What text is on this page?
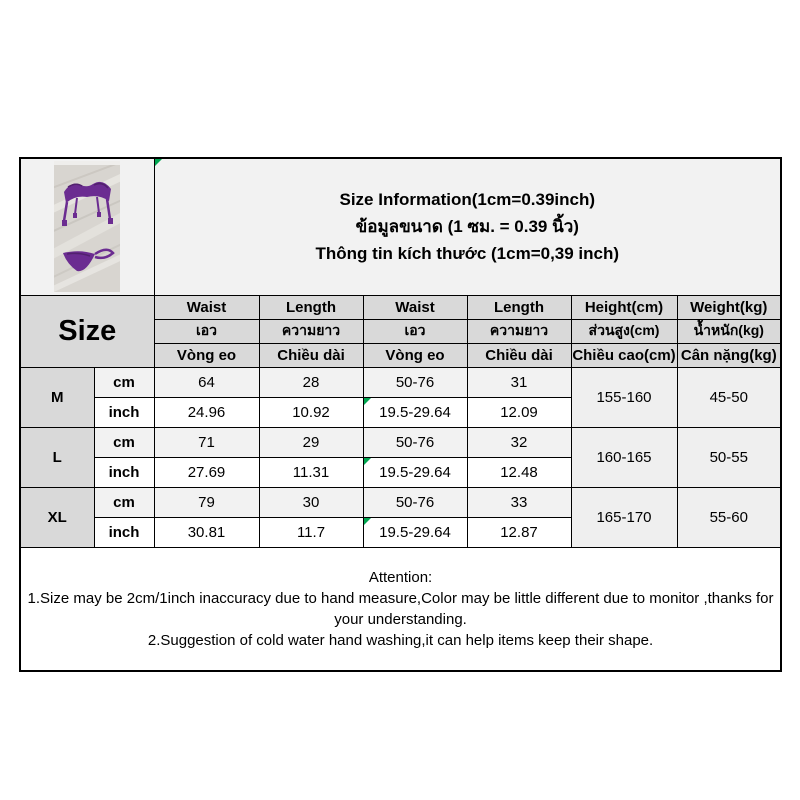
Size Information(1cm=0.39inch)
ข้อมูลขนาด (1 ซม. = 0.39 นิ้ว)
Thông tin kích thước (1cm=0,39 inch)					

Size		Waist	Length	Waist	Length	Height(cm)	Weight(kg)
		เอว	ความยาว	เอว	ความยาว	ส่วนสูง(cm)	น้ำหนัก(kg)
		Vòng eo	Chiều dài	Vòng eo	Chiều dài	Chiều cao(cm)	Cân nặng(kg)
M	cm	64	28	50-76	31	155-160	45-50
	inch	24.96	10.92	19.5-29.64	12.09		
L	cm	71	29	50-76	32	160-165	50-55
	inch	27.69	11.31	19.5-29.64	12.48		
XL	cm	79	30	50-76	33	165-170	55-60
	inch	30.81	11.7	19.5-29.64	12.87		

Attention:
1.Size may be 2cm/1inch inaccuracy due to hand measure,Color may be little different due to monitor ,thanks for your understanding.
2.Suggestion of cold water hand washing,it can help items keep their shape.							
